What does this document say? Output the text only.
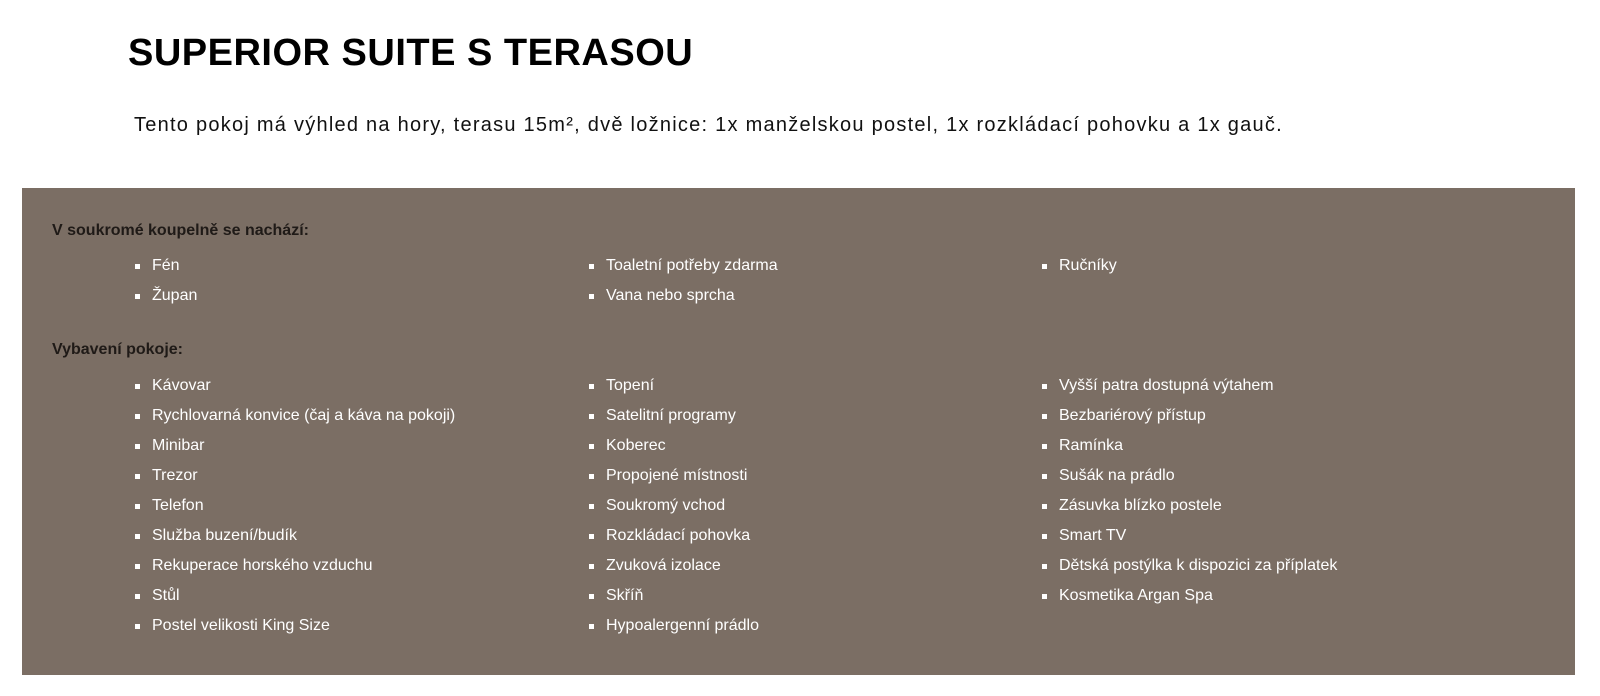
SUPERIOR SUITE S TERASOU

Tento pokoj má výhled na hory, terasu 15m², dvě ložnice: 1x manželskou postel, 1x rozkládací pohovku a 1x gauč.

V soukromé koupelně se nachází:
Fén
Župan
Toaletní potřeby zdarma
Vana nebo sprcha
Ručníky
Vybavení pokoje:
Kávovar
Rychlovarná konvice (čaj a káva na pokoji)
Minibar
Trezor
Telefon
Služba buzení/budík
Rekuperace horského vzduchu
Stůl
Postel velikosti King Size
Topení
Satelitní programy
Koberec
Propojené místnosti
Soukromý vchod
Rozkládací pohovka
Zvuková izolace
Skříň
Hypoalergenní prádlo
Vyšší patra dostupná výtahem
Bezbariérový přístup
Ramínka
Sušák na prádlo
Zásuvka blízko postele
Smart TV
Dětská postýlka k dispozici za příplatek
Kosmetika Argan Spa
